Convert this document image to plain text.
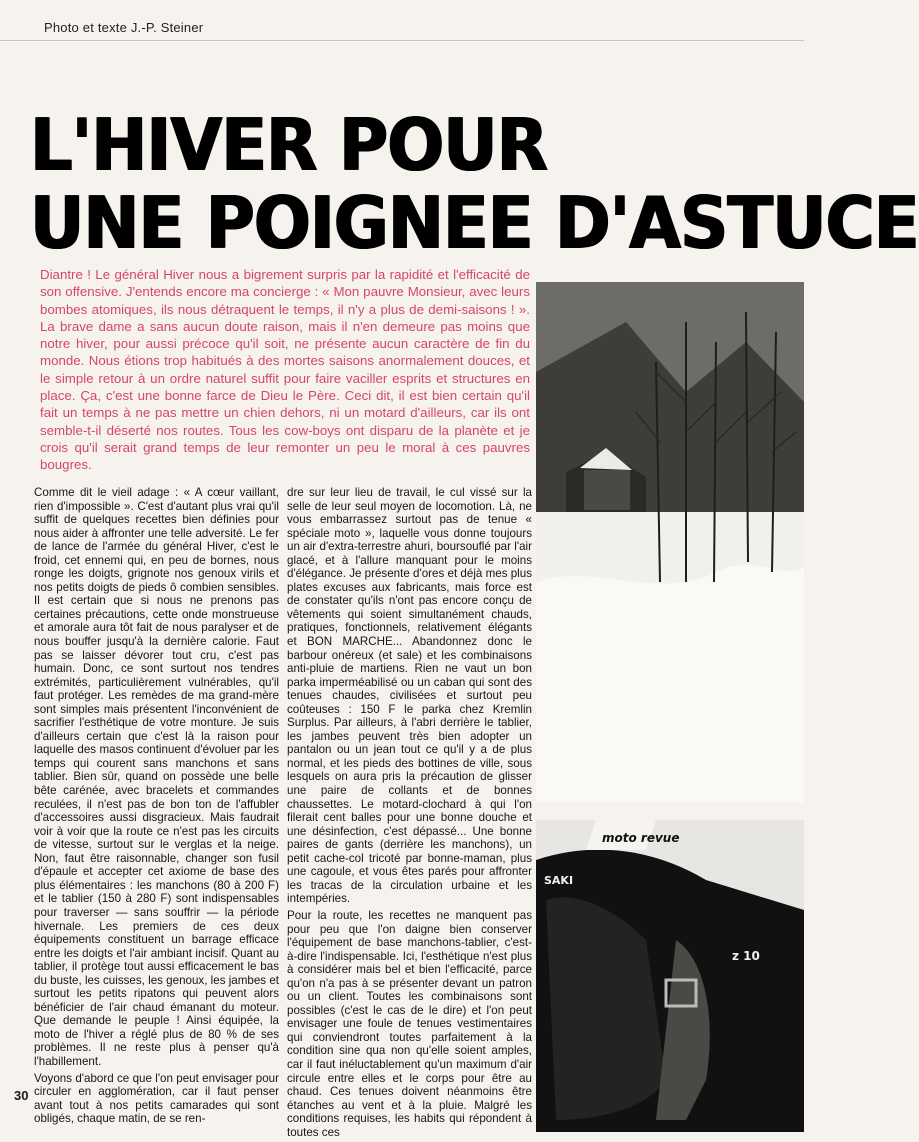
Photo et texte J.-P. Steiner
L'HIVER POUR
UNE POIGNEE D'ASTUCE
Diantre ! Le général Hiver nous a bigrement surpris par la rapidité et l'efficacité de son offensive. J'entends encore ma concierge : « Mon pauvre Monsieur, avec leurs bombes atomiques, ils nous détraquent le temps, il n'y a plus de demi-saisons ! ». La brave dame a sans aucun doute raison, mais il n'en demeure pas moins que notre hiver, pour aussi précoce qu'il soit, ne présente aucun caractère de fin du monde. Nous étions trop habitués à des mortes saisons anormalement douces, et le simple retour à un ordre naturel suffit pour faire vaciller esprits et structures en place. Ça, c'est une bonne farce de Dieu le Père. Ceci dit, il est bien certain qu'il fait un temps à ne pas mettre un chien dehors, ni un motard d'ailleurs, car ils ont semble-t-il déserté nos routes. Tous les cow-boys ont disparu de la planète et je crois qu'il serait grand temps de leur remonter un peu le moral à ces pauvres bougres.

Comme dit le vieil adage : « A cœur vaillant, rien d'impossible ». C'est d'autant plus vrai qu'il suffit de quelques recettes bien définies pour nous aider à affronter une telle adversité. Le fer de lance de l'armée du général Hiver, c'est le froid, cet ennemi qui, en peu de bornes, nous ronge les doigts, grignote nos genoux virils et nos petits doigts de pieds ô combien sensibles. Il est certain que si nous ne prenons pas certaines précautions, cette onde monstrueuse et amorale aura tôt fait de nous paralyser et de nous bouffer jusqu'à la dernière calorie. Faut pas se laisser dévorer tout cru, c'est pas humain. Donc, ce sont surtout nos tendres extrémités, particulièrement vulnérables, qu'il faut protéger. Les remèdes de ma grand-mère sont simples mais présentent l'inconvénient de sacrifier l'esthétique de votre monture. Je suis d'ailleurs certain que c'est là la raison pour laquelle des masos continuent d'évoluer par les temps qui courent sans manchons et sans tablier. Bien sûr, quand on possède une belle bête carénée, avec bracelets et commandes reculées, il n'est pas de bon ton de l'affubler d'accessoires aussi disgracieux. Mais faudrait voir à voir que la route ce n'est pas les circuits de vitesse, surtout sur le verglas et la neige. Non, faut être raisonnable, changer son fusil d'épaule et accepter cet axiome de base des plus élémentaires : les manchons (80 à 200 F) et le tablier (150 à 280 F) sont indispensables pour traverser — sans souffrir — la période hivernale. Les premiers de ces deux équipements constituent un barrage efficace entre les doigts et l'air ambiant incisif. Quant au tablier, il protège tout aussi efficacement le bas du buste, les cuisses, les genoux, les jambes et surtout les petits ripatons qui peuvent alors bénéficier de l'air chaud émanant du moteur. Que demande le peuple ! Ainsi équipée, la moto de l'hiver a réglé plus de 80 % de ses problèmes. Il ne reste plus à penser qu'à l'habillement.

Voyons d'abord ce que l'on peut envisager pour circuler en agglomération, car il faut penser avant tout à nos petits camarades qui sont obligés, chaque matin, de se ren-

dre sur leur lieu de travail, le cul vissé sur la selle de leur seul moyen de locomotion. Là, ne vous embarrassez surtout pas de tenue « spéciale moto », laquelle vous donne toujours un air d'extra-terrestre ahuri, boursouflé par l'air glacé, et à l'allure manquant pour le moins d'élégance. Je présente d'ores et déjà mes plus plates excuses aux fabricants, mais force est de constater qu'ils n'ont pas encore conçu de vêtements qui soient simultanément chauds, pratiques, fonctionnels, relativement élégants et BON MARCHE... Abandonnez donc le barbour onéreux (et sale) et les combinaisons anti-pluie de martiens. Rien ne vaut un bon parka imperméabilisé ou un caban qui sont des tenues chaudes, civilisées et surtout peu coûteuses : 150 F le parka chez Kremlin Surplus. Par ailleurs, à l'abri derrière le tablier, les jambes peuvent très bien adopter un pantalon ou un jean tout ce qu'il y a de plus normal, et les pieds des bottines de ville, sous lesquels on aura pris la précaution de glisser une paire de collants et de bonnes chaussettes. Le motard-clochard à qui l'on filerait cent balles pour une bonne douche et une désinfection, c'est dépassé... Une bonne paires de gants (derrière les manchons), un petit cache-col tricoté par bonne-maman, plus une cagoule, et vous êtes parés pour affronter les tracas de la circulation urbaine et les intempéries.

Pour la route, les recettes ne manquent pas pour peu que l'on daigne bien conserver l'équipement de base manchons-tablier, c'est-à-dire l'indispensable. Ici, l'esthétique n'est plus à considérer mais bel et bien l'efficacité, parce qu'on n'a pas à se présenter devant un patron ou un client. Toutes les combinaisons sont possibles (c'est le cas de le dire) et l'on peut envisager une foule de tenues vestimentaires qui conviendront toutes parfaitement à la condition sine qua non qu'elle soient amples, car il faut inéluctablement qu'un maximum d'air circule entre elles et le corps pour être au chaud. Ces tenues doivent néanmoins être étanches au vent et à la pluie. Malgré les conditions requises, les habits qui répondent à toutes ces

moto revue
SAKI
z 10
30
